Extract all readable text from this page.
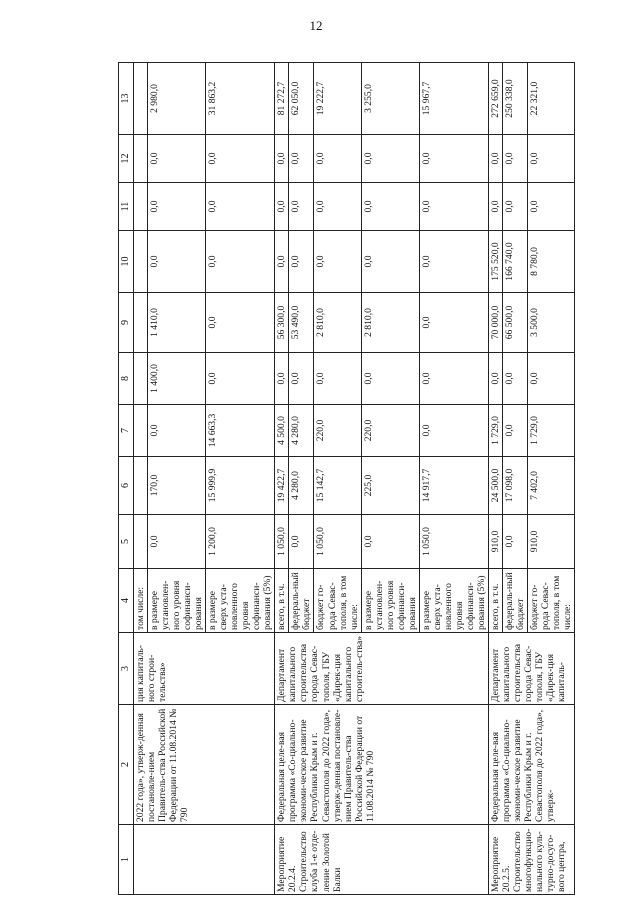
12
1	2	3	4	5	6	7	8	9	10	11	12	13
	2022 года», утверж-денная постановле-нием Правитель-ства Российской Федерации от 11.08.2014 № 790	ция капиталь-ного строи-тельства»	том числе:									
			в размере установлен-ного уровня софинанси-рования	0,0	170,0	0,0	1 400,0	1 410,0	0,0	0,0	0,0	2 980,0
			в размере сверх уста-новленного уровня софинанси-рования (5%)	1 200,0	15 999,9	14 663,3	0,0	0,0	0,0	0,0	0,0	31 863,2
Мероприятие 20.2.4. Строительство клуба 1-е отде-ление Золотой Балки	Федеральная целе-вая программа «Со-циально-экономи-ческое развитие Республики Крым и г. Севастополя до 2022 года», утверж-денная постановле-нием Правитель-ства Российской Федерации от 11.08.2014 № 790	Департамент капитального строительства города Севас-тополя, ГБУ «Дирек-ция капитального строитель-ства»	всего, в т.ч.	1 050,0	19 422,7	4 500,0	0,0	56 300,0	0,0	0,0	0,0	81 272,7
			федераль-ный бюджет	0,0	4 280,0	4 280,0	0,0	53 490,0	0,0	0,0	0,0	62 050,0
			бюджет го-рода Севас-тополя, в том числе:	1 050,0	15 142,7	220,0	0,0	2 810,0	0,0	0,0	0,0	19 222,7
			в размере установлен-ного уровня софинанси-рования	0,0	225,0	220,0	0,0	2 810,0	0,0	0,0	0,0	3 255,0
			в размере сверх уста-новленного уровня софинанси-рования (5%)	1 050,0	14 917,7	0,0	0,0	0,0	0,0	0,0	0,0	15 967,7
Мероприятие 20.2.5. Строительство многофункцио-нального куль-турно-досуго-вого центра,	Федеральная целе-вая программа «Со-циально-экономи-ческое развитие Республики Крым и г. Севастополя до 2022 года», утверж-	Департамент капитального строительства города Севас-тополя, ГБУ «Дирек-ция капиталь-	всего, в т.ч.	910,0	24 500,0	1 729,0	0,0	70 000,0	175 520,0	0,0	0,0	272 659,0
			федераль-ный бюджет	0,0	17 098,0	0,0	0,0	66 500,0	166 740,0	0,0	0,0	250 338,0
			бюджет го-рода Севас-тополя, в том числе:	910,0	7 402,0	1 729,0	0,0	3 500,0	8 780,0	0,0	0,0	22 321,0
